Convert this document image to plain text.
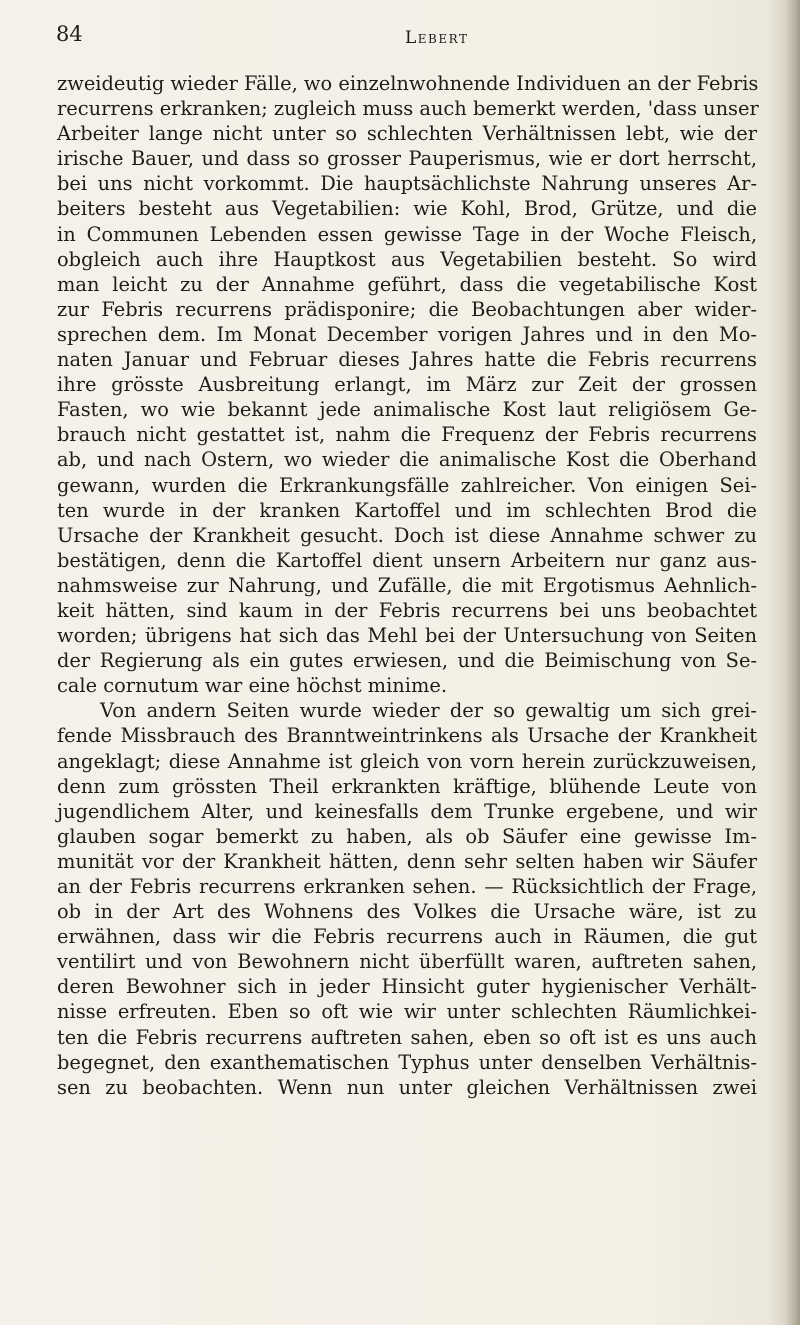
84	Lebert
zweideutig wieder Fälle, wo einzelnwohnende Individuen an der Febris
recurrens erkranken; zugleich muss auch bemerkt werden, 'dass unser
Arbeiter lange nicht unter so schlechten Verhältnissen lebt, wie der
irische Bauer, und dass so grosser Pauperismus, wie er dort herrscht,
bei uns nicht vorkommt. Die hauptsächlichste Nahrung unseres Ar-
beiters besteht aus Vegetabilien: wie Kohl, Brod, Grütze, und die
in Communen Lebenden essen gewisse Tage in der Woche Fleisch,
obgleich auch ihre Hauptkost aus Vegetabilien besteht. So wird
man leicht zu der Annahme geführt, dass die vegetabilische Kost
zur Febris recurrens prädisponire; die Beobachtungen aber wider-
sprechen dem. Im Monat December vorigen Jahres und in den Mo-
naten Januar und Februar dieses Jahres hatte die Febris recurrens
ihre grösste Ausbreitung erlangt, im März zur Zeit der grossen
Fasten, wo wie bekannt jede animalische Kost laut religiösem Ge-
brauch nicht gestattet ist, nahm die Frequenz der Febris recurrens
ab, und nach Ostern, wo wieder die animalische Kost die Oberhand
gewann, wurden die Erkrankungsfälle zahlreicher. Von einigen Sei-
ten wurde in der kranken Kartoffel und im schlechten Brod die
Ursache der Krankheit gesucht. Doch ist diese Annahme schwer zu
bestätigen, denn die Kartoffel dient unsern Arbeitern nur ganz aus-
nahmsweise zur Nahrung, und Zufälle, die mit Ergotismus Aehnlich-
keit hätten, sind kaum in der Febris recurrens bei uns beobachtet
worden; übrigens hat sich das Mehl bei der Untersuchung von Seiten
der Regierung als ein gutes erwiesen, und die Beimischung von Se-
cale cornutum war eine höchst minime.
Von andern Seiten wurde wieder der so gewaltig um sich grei-
fende Missbrauch des Branntweintrinkens als Ursache der Krankheit
angeklagt; diese Annahme ist gleich von vorn herein zurückzuweisen,
denn zum grössten Theil erkrankten kräftige, blühende Leute von
jugendlichem Alter, und keinesfalls dem Trunke ergebene, und wir
glauben sogar bemerkt zu haben, als ob Säufer eine gewisse Im-
munität vor der Krankheit hätten, denn sehr selten haben wir Säufer
an der Febris recurrens erkranken sehen. — Rücksichtlich der Frage,
ob in der Art des Wohnens des Volkes die Ursache wäre, ist zu
erwähnen, dass wir die Febris recurrens auch in Räumen, die gut
ventilirt und von Bewohnern nicht überfüllt waren, auftreten sahen,
deren Bewohner sich in jeder Hinsicht guter hygienischer Verhält-
nisse erfreuten. Eben so oft wie wir unter schlechten Räumlichkei-
ten die Febris recurrens auftreten sahen, eben so oft ist es uns auch
begegnet, den exanthematischen Typhus unter denselben Verhältnis-
sen zu beobachten. Wenn nun unter gleichen Verhältnissen zwei
